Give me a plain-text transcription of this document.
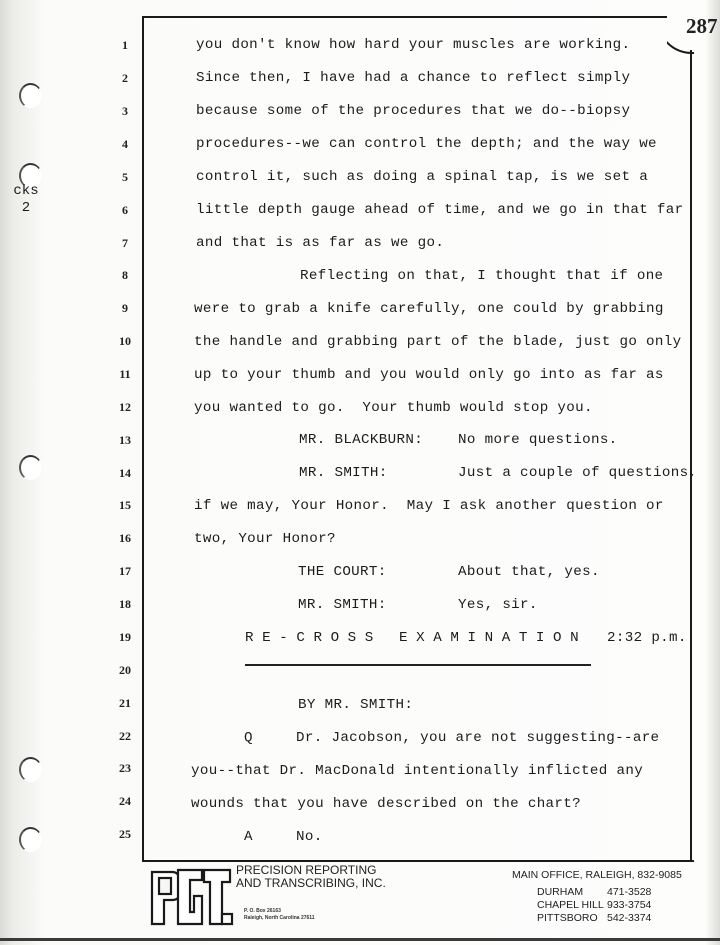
cks
2
287
1
2
3
4
5
6
7
8
9
10
11
12
13
14
15
16
17
18
19
20
21
22
23
24
25
you don't know how hard your muscles are working.
Since then, I have had a chance to reflect simply
because some of the procedures that we do--biopsy
procedures--we can control the depth; and the way we
control it, such as doing a spinal tap, is we set a
little depth gauge ahead of time, and we go in that far
and that is as far as we go.
Reflecting on that, I thought that if one
were to grab a knife carefully, one could by grabbing
the handle and grabbing part of the blade, just go only
up to your thumb and you would only go into as far as
you wanted to go.  Your thumb would stop you.
MR. BLACKBURN: No more questions.
MR. SMITH:	Just a couple of questions,
if we may, Your Honor.  May I ask another question or
two, Your Honor?
THE COURT:	About that, yes.
MR. SMITH:	Yes, sir.
RE-CROSS EXAMINATION 2:32 p.m.
BY MR. SMITH:
Q	Dr. Jacobson, you are not suggesting--are
you--that Dr. MacDonald intentionally inflicted any
wounds that you have described on the chart?
A	No.
PRECISION REPORTING
AND TRANSCRIBING, INC.
P. O. Box 26163
Raleigh, North Carolina 27611
MAIN OFFICE, RALEIGH, 832-9085
DURHAM 471-3528
CHAPEL HILL 933-3754
PITTSBORO 542-3374
